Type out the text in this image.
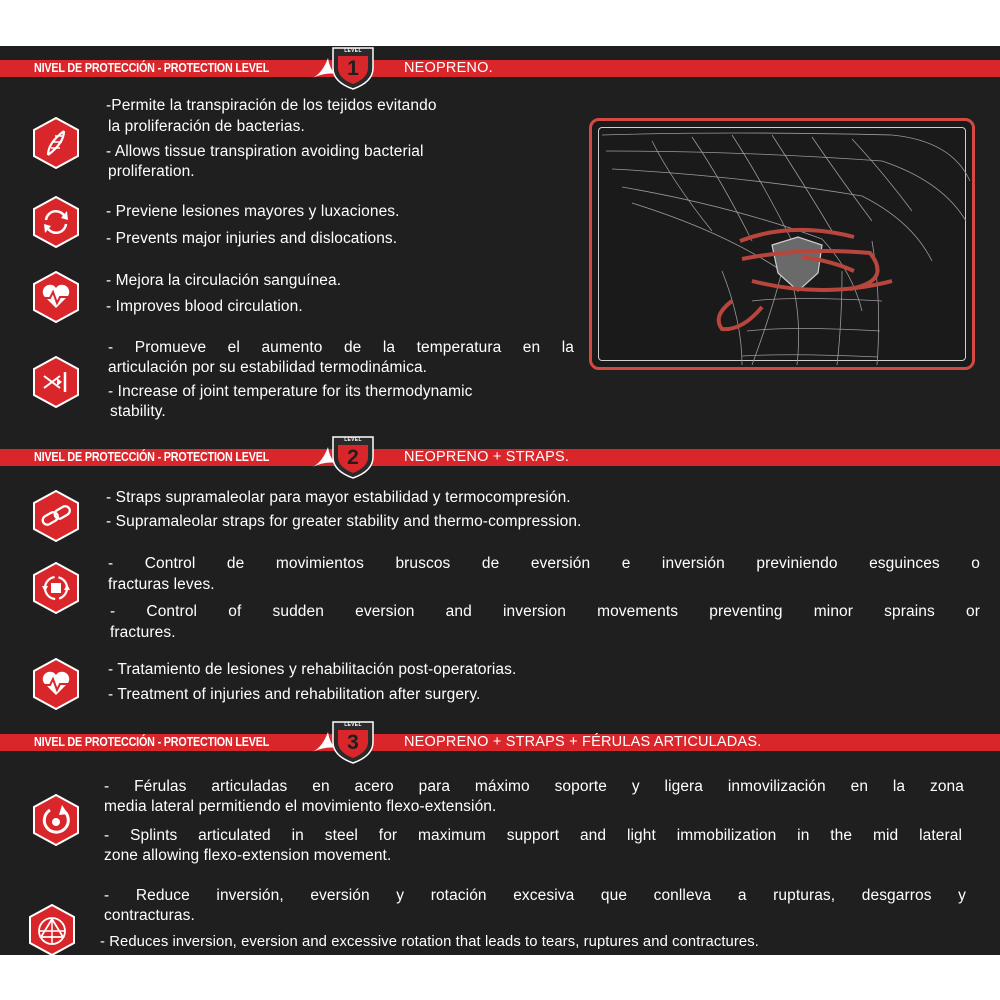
NIVEL DE PROTECCIÓN - PROTECTION LEVEL	NEOPRENO.
LEVEL
1
-Permite la transpiración de los tejidos evitando
la proliferación de bacterias.
- Allows tissue transpiration avoiding bacterial
proliferation.
- Previene lesiones mayores y luxaciones.
- Prevents major injuries and dislocations.
- Mejora la circulación sanguínea.
- Improves blood circulation.
- Promueve el aumento de la temperatura en la
articulación por su estabilidad termodinámica.
- Increase of joint temperature for its thermodynamic
stability.
NIVEL DE PROTECCIÓN - PROTECTION LEVEL	NEOPRENO + STRAPS.
LEVEL
2
- Straps supramaleolar para mayor estabilidad y termocompresión.
- Supramaleolar straps for greater stability and thermo-compression.
- Control de movimientos bruscos de eversión e inversión previniendo esguinces o
fracturas leves.
- Control of sudden eversion and inversion movements preventing minor sprains or
fractures.
- Tratamiento de lesiones y rehabilitación post-operatorias.
- Treatment of injuries and rehabilitation after surgery.
NIVEL DE PROTECCIÓN - PROTECTION LEVEL	NEOPRENO + STRAPS + FÉRULAS ARTICULADAS.
LEVEL
3
- Férulas articuladas en acero para máximo soporte y ligera inmovilización en la zona
media lateral permitiendo el movimiento flexo-extensión.
- Splints articulated in steel for maximum support and light immobilization in the mid lateral
zone allowing flexo-extension movement.
- Reduce inversión, eversión y rotación excesiva que conlleva a rupturas, desgarros y
contracturas.
- Reduces inversion, eversion and excessive rotation that leads to tears, ruptures and contractures.
